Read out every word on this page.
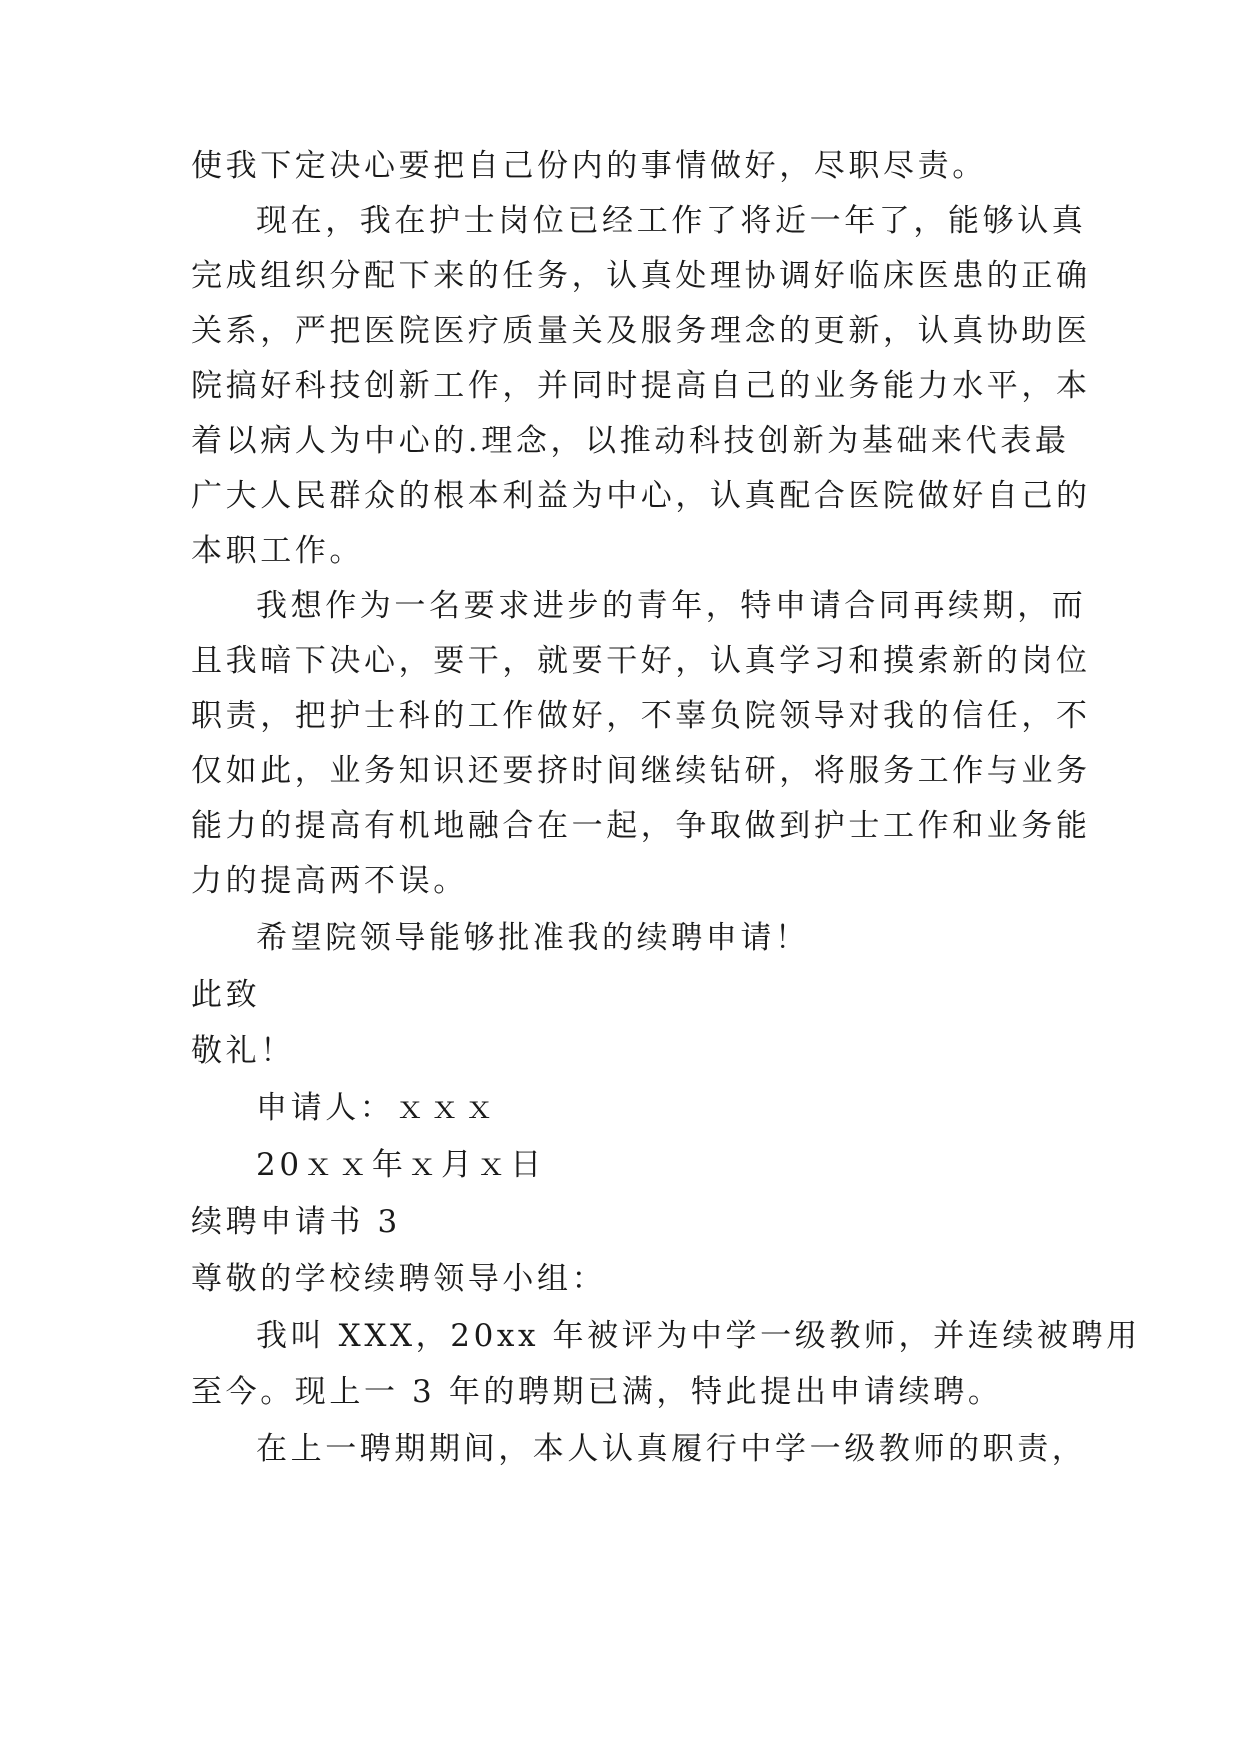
使我下定决心要把自己份内的事情做好，尽职尽责。
现在，我在护士岗位已经工作了将近一年了，能够认真
完成组织分配下来的任务，认真处理协调好临床医患的正确
关系，严把医院医疗质量关及服务理念的更新，认真协助医
院搞好科技创新工作，并同时提高自己的业务能力水平，本
着以病人为中心的.理念，以推动科技创新为基础来代表最
广大人民群众的根本利益为中心，认真配合医院做好自己的
本职工作。
我想作为一名要求进步的青年，特申请合同再续期，而
且我暗下决心，要干，就要干好，认真学习和摸索新的岗位
职责，把护士科的工作做好，不辜负院领导对我的信任，不
仅如此，业务知识还要挤时间继续钻研，将服务工作与业务
能力的提高有机地融合在一起，争取做到护士工作和业务能
力的提高两不误。
希望院领导能够批准我的续聘申请！
此致
敬礼！
申请人：ｘｘｘ
20ｘｘ年ｘ月ｘ日
续聘申请书 3
尊敬的学校续聘领导小组：
我叫 XXX，20xx 年被评为中学一级教师，并连续被聘用
至今。现上一 3 年的聘期已满，特此提出申请续聘。
在上一聘期期间，本人认真履行中学一级教师的职责，
